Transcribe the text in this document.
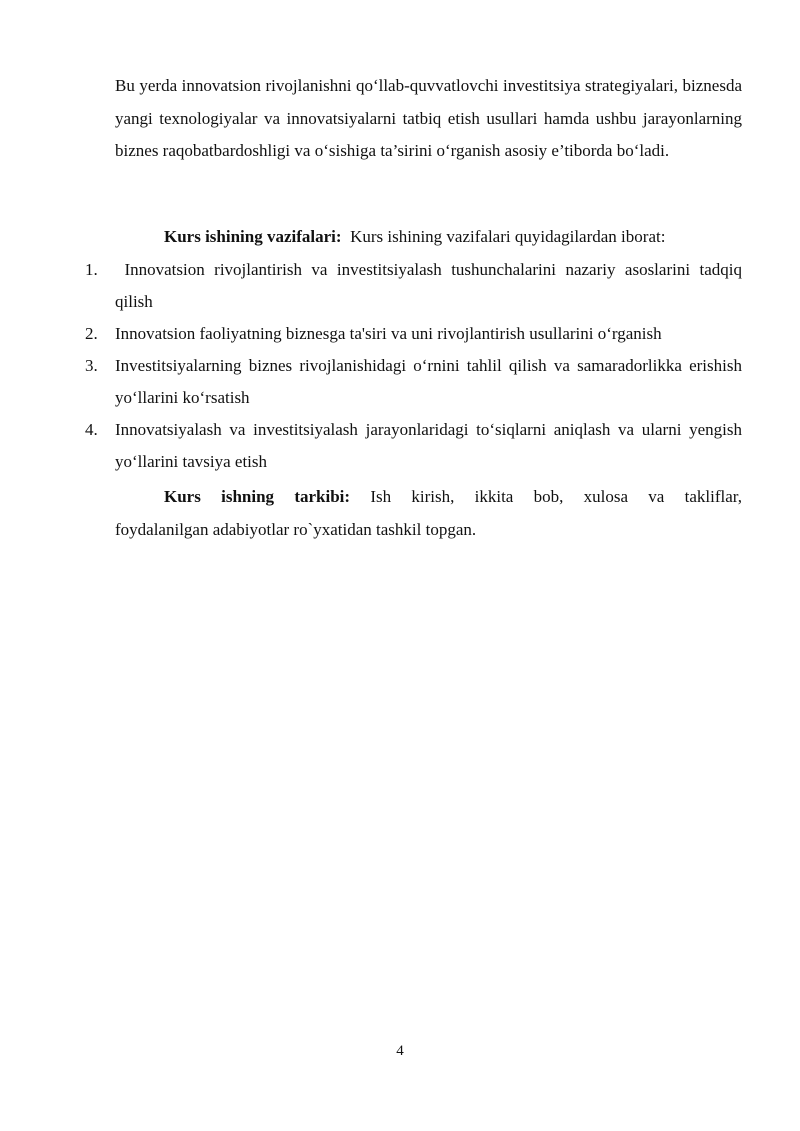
Bu yerda innovatsion rivojlanishni qo‘llab-quvvatlovchi investitsiya strategiyalari, biznesda yangi texnologiyalar va innovatsiyalarni tatbiq etish usullari hamda ushbu jarayonlarning biznes raqobatbardoshligi va o‘sishiga ta’sirini o‘rganish asosiy e’tiborda bo‘ladi.

Kurs ishining vazifalari: Kurs ishining vazifalari quyidagilardan iborat:

1. Innovatsion rivojlantirish va investitsiyalash tushunchalarini nazariy asoslarini tadqiq qilish
2. Innovatsion faoliyatning biznesga ta'siri va uni rivojlantirish usullarini o‘rganish
3. Investitsiyalarning biznes rivojlanishidagi o‘rnini tahlil qilish va samaradorlikka erishish yo‘llarini ko‘rsatish
4. Innovatsiyalash va investitsiyalash jarayonlaridagi to‘siqlarni aniqlash va ularni yengish yo‘llarini tavsiya etish

Kurs ishning tarkibi: Ish kirish, ikkita bob, xulosa va takliflar, foydalanilgan adabiyotlar ro`yxatidan tashkil topgan.

4
